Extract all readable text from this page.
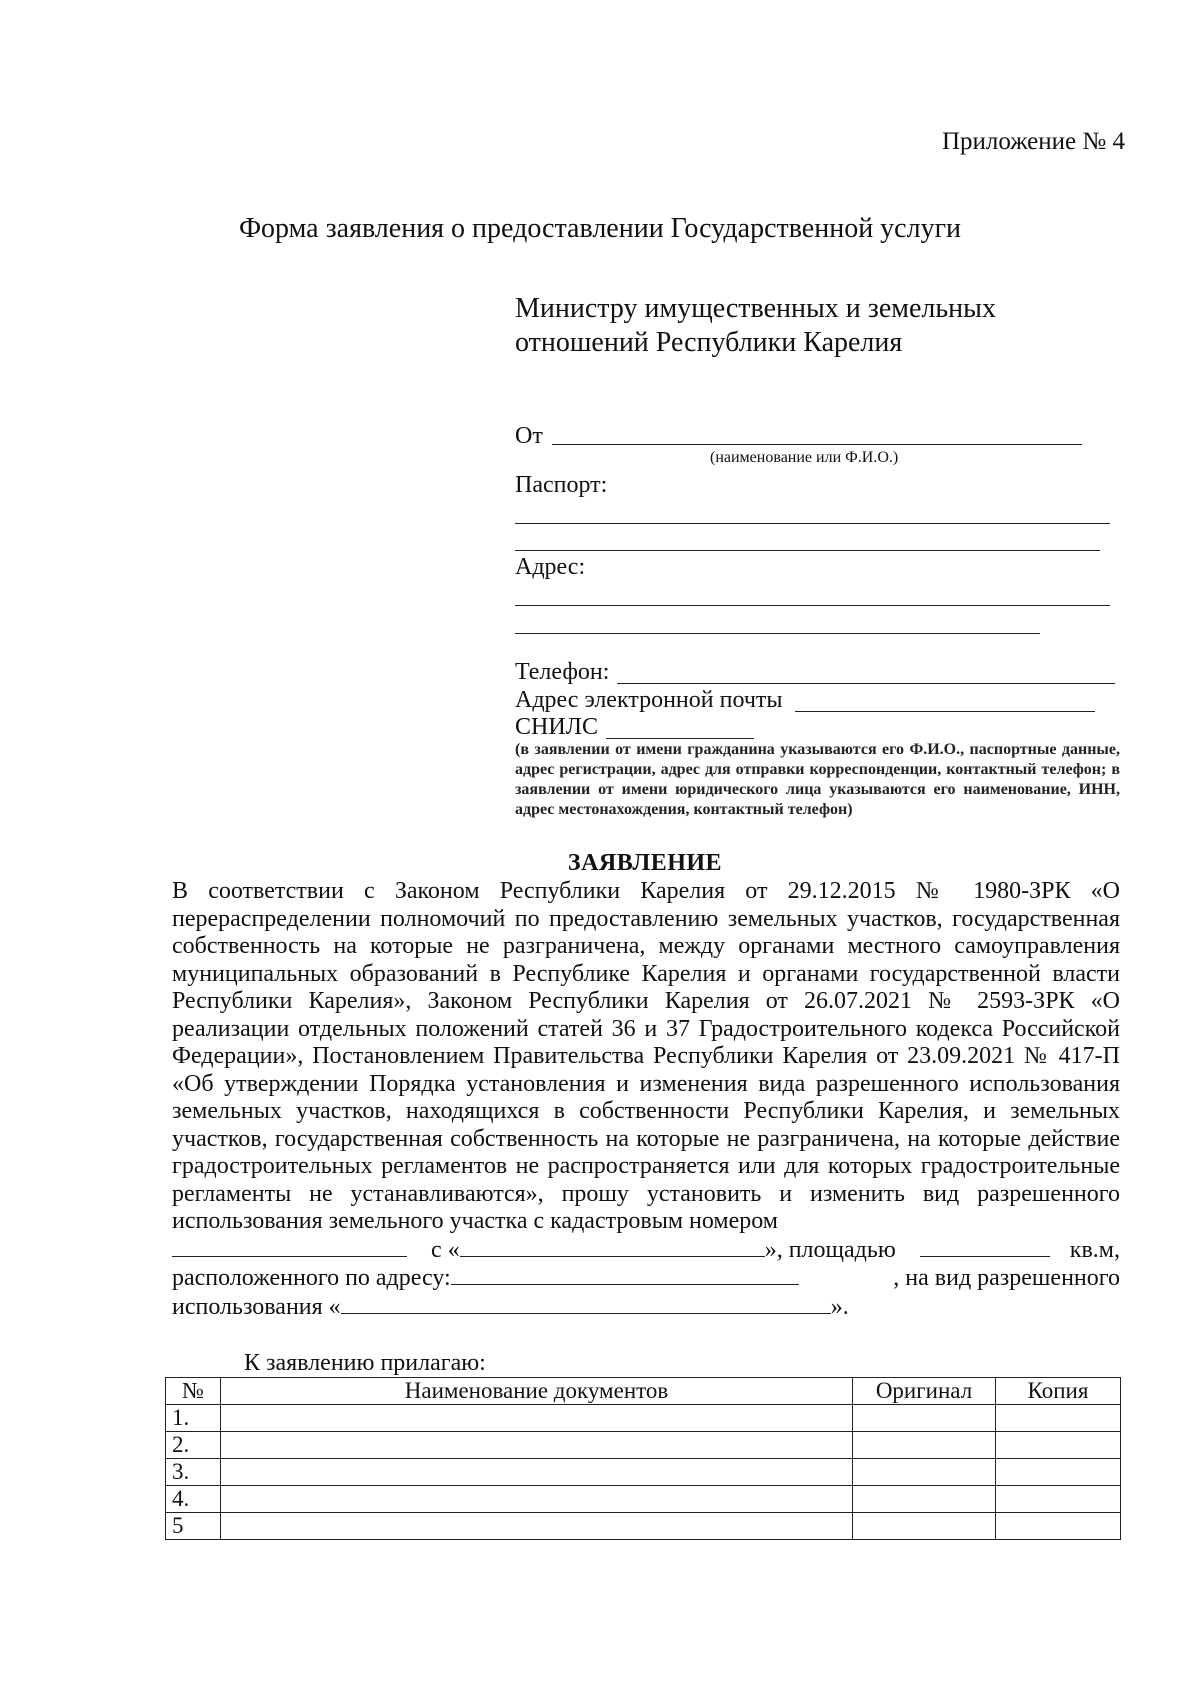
Приложение № 4
Форма заявления о предоставлении Государственной услуги
Министру имущественных и земельных
отношений Республики Карелия
От
(наименование или Ф.И.О.)
Паспорт:
Адрес:
Телефон:
Адрес электронной почты
СНИЛС
(в заявлении от имени гражданина указываются его Ф.И.О., паспортные данные, адрес регистрации, адрес для отправки корреспонденции, контактный телефон; в заявлении от имени юридического лица указываются его наименование, ИНН, адрес местонахождения, контактный телефон)
ЗАЯВЛЕНИЕ
В соответствии с Законом Республики Карелия от 29.12.2015 № 1980-ЗРК «О перераспределении полномочий по предоставлению земельных участков, государственная собственность на которые не разграничена, между органами местного самоуправления муниципальных образований в Республике Карелия и органами государственной власти Республики Карелия», Законом Республики Карелия от 26.07.2021 № 2593-ЗРК «О реализации отдельных положений статей 36 и 37 Градостроительного кодекса Российской Федерации», Постановлением Правительства Республики Карелия от 23.09.2021 № 417-П «Об утверждении Порядка установления и изменения вида разрешенного использования земельных участков, находящихся в собственности Республики Карелия, и земельных участков, государственная собственность на которые не разграничена, на которые действие градостроительных регламентов не распространяется или для которых градостроительные регламенты не устанавливаются», прошу установить и изменить вид разрешенного использования земельного участка с кадастровым номером
с «	», площадью	кв.м,
расположенного по адресу:	, на вид разрешенного
использования «	».
К заявлению прилагаю:
№	Наименование документов	Оригинал	Копия
1.			
2.			
3.			
4.			
5			
